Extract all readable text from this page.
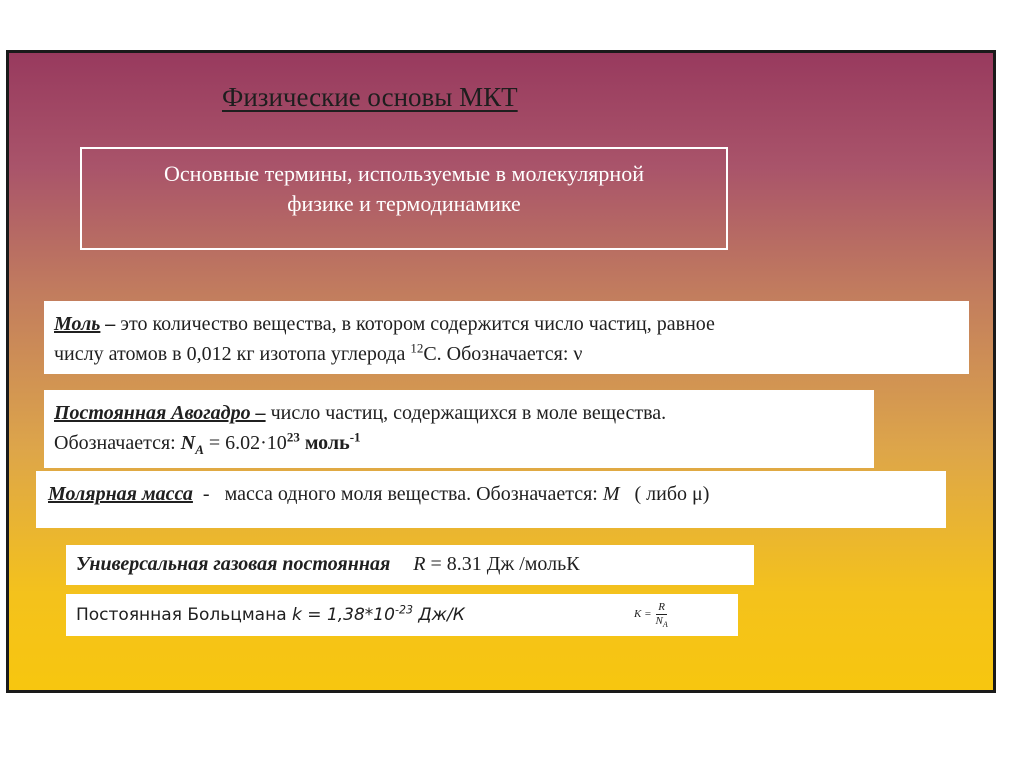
Физические основы МКТ
Основные термины, используемые в молекулярной
физике и термодинамике
Моль – это количество вещества, в котором содержится число частиц, равное
числу атомов в 0,012 кг изотопа углерода $^{12}$С. Обозначается: ν
Постоянная Авогадро – число частиц, содержащихся в моле вещества.
Обозначается: $N_A = 6.02\cdot 10^{23}$ моль$^{-1}$
Молярная масса  -   масса одного моля вещества. Обозначается: M   ( либо μ)
Универсальная газовая постоянная R = 8.31 Дж /мольК
Постоянная Больцмана $k = 1,38*10^{-23}$ Дж/К	$K = \frac{R}{N_A}$
